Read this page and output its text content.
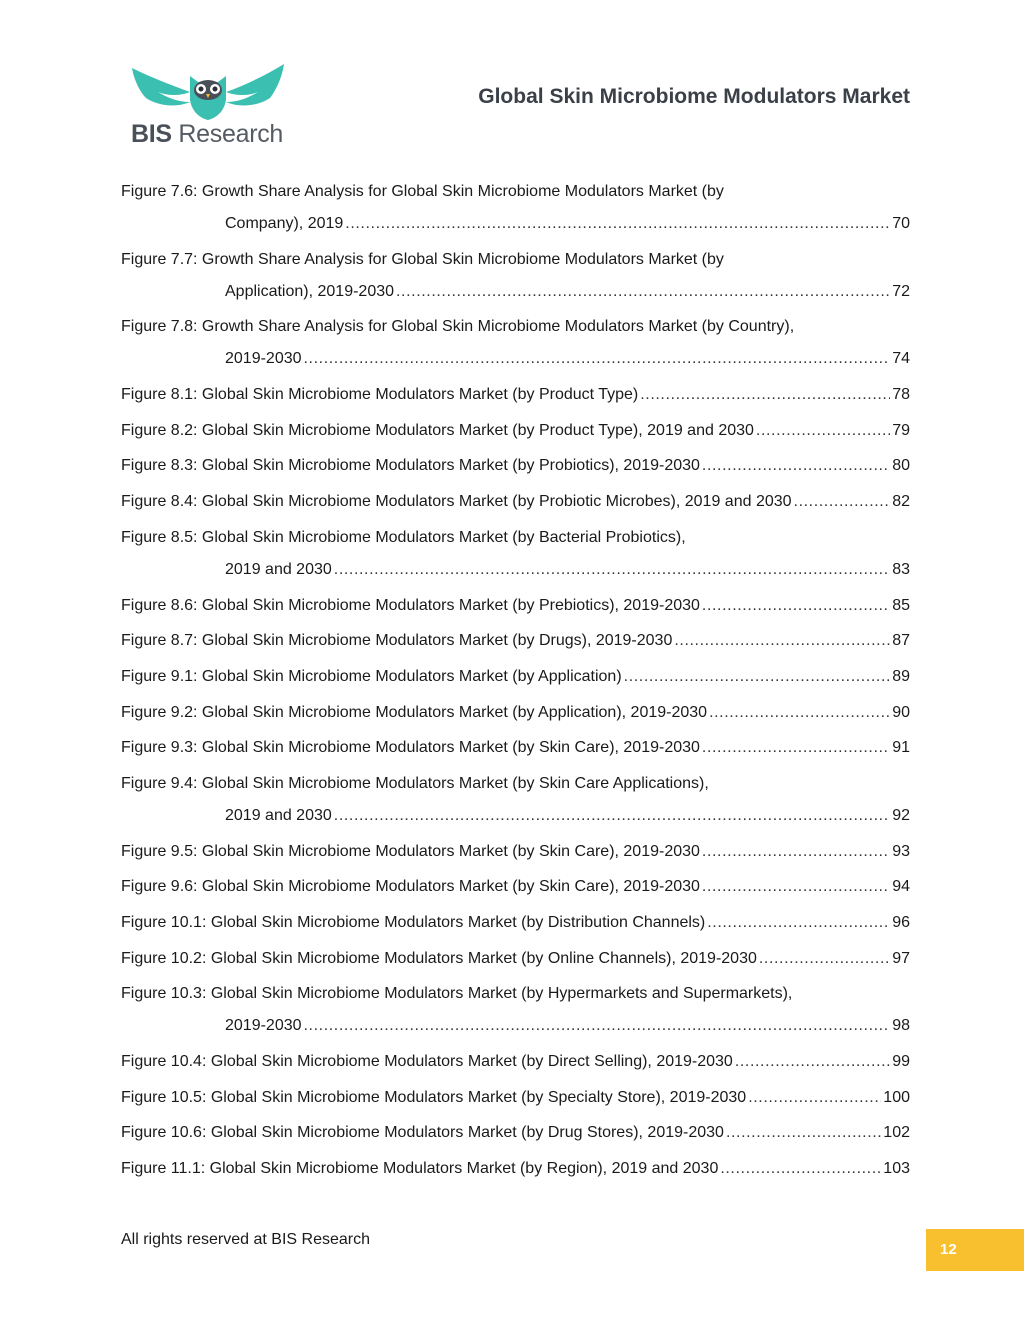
BIS Research
Global Skin Microbiome Modulators Market
Figure 7.6: Growth Share Analysis for Global Skin Microbiome Modulators Market (by
Company), 2019 .....	70
Figure 7.7: Growth Share Analysis for Global Skin Microbiome Modulators Market (by
Application), 2019-2030 .....	72
Figure 7.8: Growth Share Analysis for Global Skin Microbiome Modulators Market (by Country),
2019-2030 .....	74
Figure 8.1: Global Skin Microbiome Modulators Market (by Product Type) .....	78
Figure 8.2: Global Skin Microbiome Modulators Market (by Product Type), 2019 and 2030 .....	79
Figure 8.3: Global Skin Microbiome Modulators Market (by Probiotics), 2019-2030 .....	80
Figure 8.4: Global Skin Microbiome Modulators Market (by Probiotic Microbes), 2019 and 2030 .....	82
Figure 8.5: Global Skin Microbiome Modulators Market (by Bacterial Probiotics),
2019 and 2030 .....	83
Figure 8.6: Global Skin Microbiome Modulators Market (by Prebiotics), 2019-2030 .....	85
Figure 8.7: Global Skin Microbiome Modulators Market (by Drugs), 2019-2030 .....	87
Figure 9.1: Global Skin Microbiome Modulators Market (by Application) .....	89
Figure 9.2: Global Skin Microbiome Modulators Market (by Application), 2019-2030 .....	90
Figure 9.3: Global Skin Microbiome Modulators Market (by Skin Care), 2019-2030 .....	91
Figure 9.4: Global Skin Microbiome Modulators Market (by Skin Care Applications),
2019 and 2030 .....	92
Figure 9.5: Global Skin Microbiome Modulators Market (by Skin Care), 2019-2030 .....	93
Figure 9.6: Global Skin Microbiome Modulators Market (by Skin Care), 2019-2030 .....	94
Figure 10.1: Global Skin Microbiome Modulators Market (by Distribution Channels) .....	96
Figure 10.2: Global Skin Microbiome Modulators Market (by Online Channels), 2019-2030 .....	97
Figure 10.3: Global Skin Microbiome Modulators Market (by Hypermarkets and Supermarkets),
2019-2030 .....	98
Figure 10.4: Global Skin Microbiome Modulators Market (by Direct Selling), 2019-2030 .....	99
Figure 10.5: Global Skin Microbiome Modulators Market (by Specialty Store), 2019-2030 .....	100
Figure 10.6: Global Skin Microbiome Modulators Market (by Drug Stores), 2019-2030 .....	102
Figure 11.1: Global Skin Microbiome Modulators Market (by Region), 2019 and 2030 .....	103
All rights reserved at BIS Research
12
